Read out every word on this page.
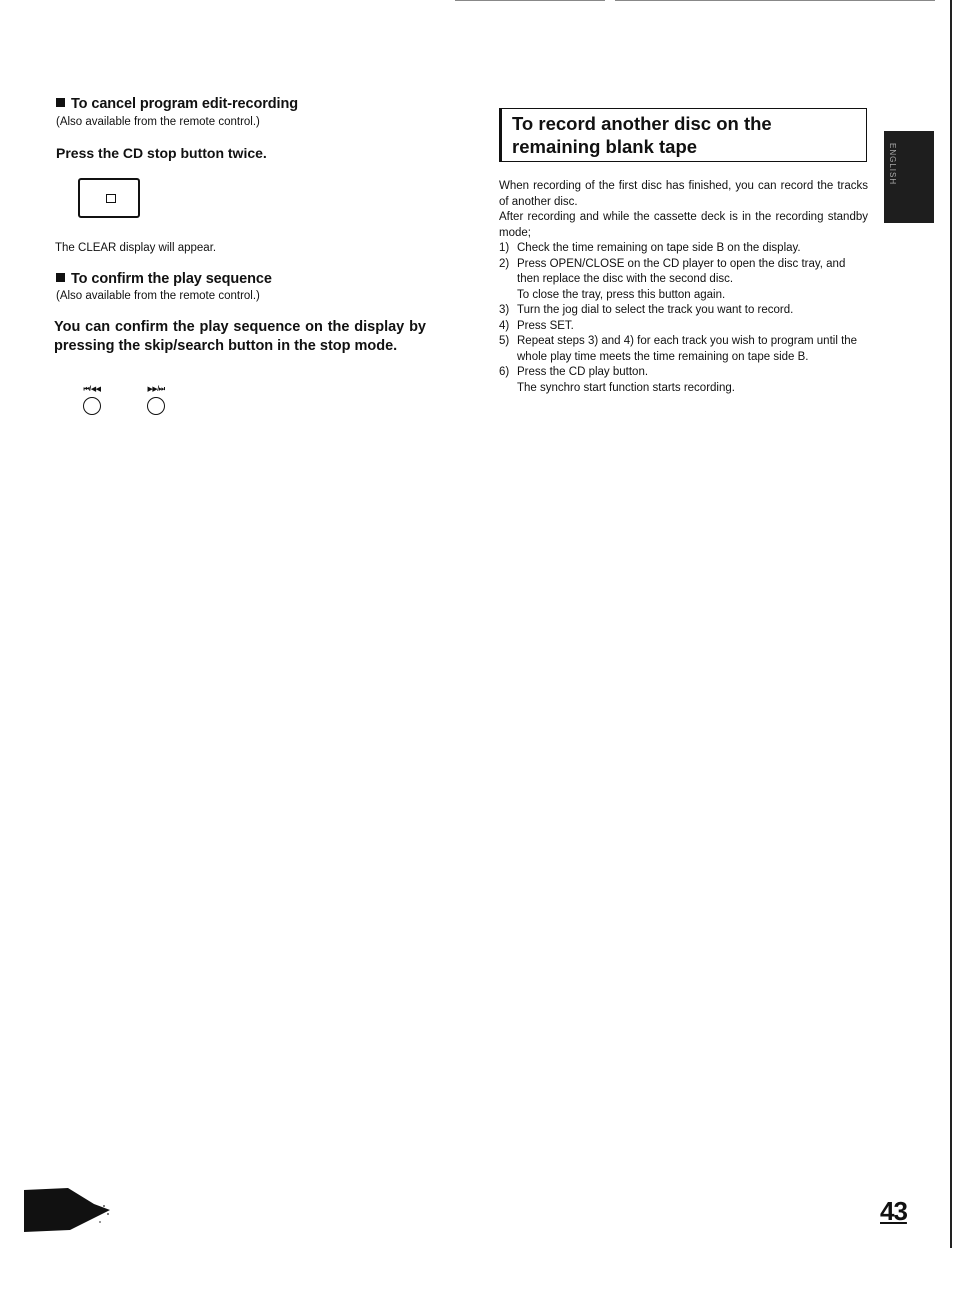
To cancel program edit-recording
(Also available from the remote control.)
Press the CD stop button twice.
The CLEAR display will appear.
To confirm the play sequence
(Also available from the remote control.)
You can confirm the play sequence on the display by pressing the skip/search button in the stop mode.
⏮/◀◀	▶▶/⏭
To record another disc on the
remaining blank tape

When recording of the first disc has finished, you can record the tracks of another disc.

After recording and while the cassette deck is in the recording standby mode;

1) Check the time remaining on tape side B on the display.
2) Press OPEN/CLOSE on the CD player to open the disc tray, and then replace the disc with the second disc.
To close the tray, press this button again.
3) Turn the jog dial to select the track you want to record.
4) Press SET.
5) Repeat steps 3) and 4) for each track you wish to program until the whole play time meets the time remaining on tape side B.
6) Press the CD play button.
The synchro start function starts recording.
ENGLISH
43
